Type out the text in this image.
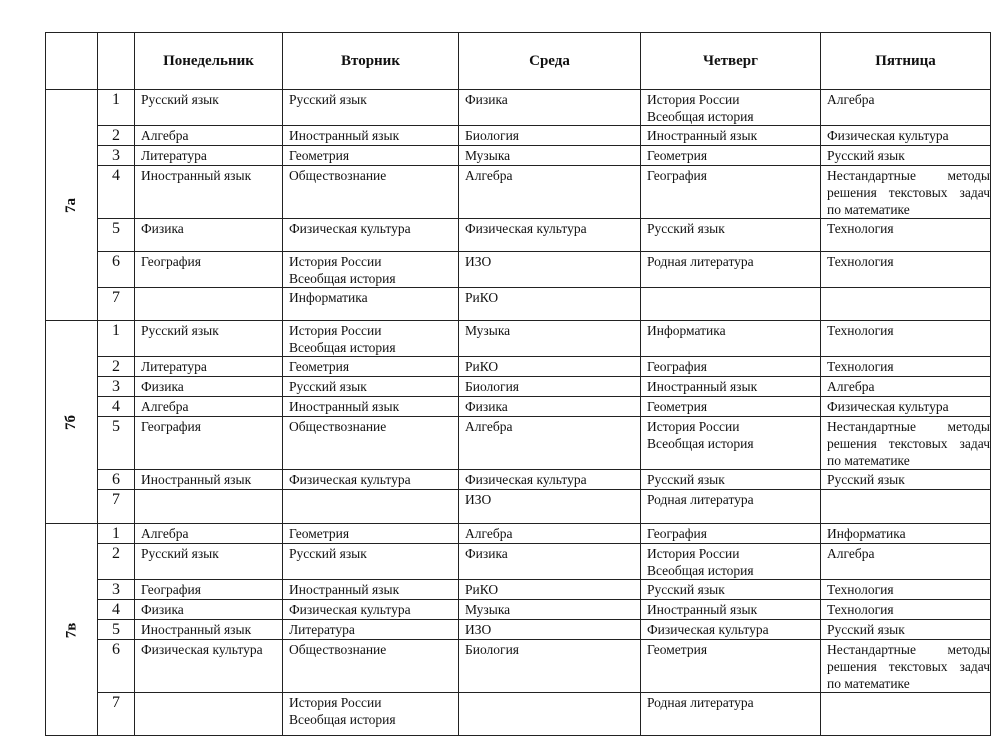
		Понедельник	Вторник	Среда	Четверг	Пятница
7а	1	Русский язык	Русский язык	Физика	История России
Всеобщая история	Алгебра
	2	Алгебра	Иностранный язык	Биология	Иностранный язык	Физическая культура
	3	Литература	Геометрия	Музыка	Геометрия	Русский язык
	4	Иностранный язык	Обществознание	Алгебра	География	Нестандартные методы решения текстовых задач по математике
	5	Физика	Физическая культура	Физическая культура	Русский язык	Технология
	6	География	История России
Всеобщая история	ИЗО	Родная литература	Технология
	7		Информатика	РиКО		
7б	1	Русский язык	История России
Всеобщая история	Музыка	Информатика	Технология
	2	Литература	Геометрия	РиКО	География	Технология
	3	Физика	Русский язык	Биология	Иностранный язык	Алгебра
	4	Алгебра	Иностранный язык	Физика	Геометрия	Физическая культура
	5	География	Обществознание	Алгебра	История России
Всеобщая история	Нестандартные методы решения текстовых задач по математике
	6	Иностранный язык	Физическая культура	Физическая культура	Русский язык	Русский язык
	7			ИЗО	Родная литература	
7в	1	Алгебра	Геометрия	Алгебра	География	Информатика
	2	Русский язык	Русский язык	Физика	История России
Всеобщая история	Алгебра
	3	География	Иностранный язык	РиКО	Русский язык	Технология
	4	Физика	Физическая культура	Музыка	Иностранный язык	Технология
	5	Иностранный язык	Литература	ИЗО	Физическая культура	Русский язык
	6	Физическая культура	Обществознание	Биология	Геометрия	Нестандартные методы решения текстовых задач по математике
	7		История России
Всеобщая история		Родная литература	
